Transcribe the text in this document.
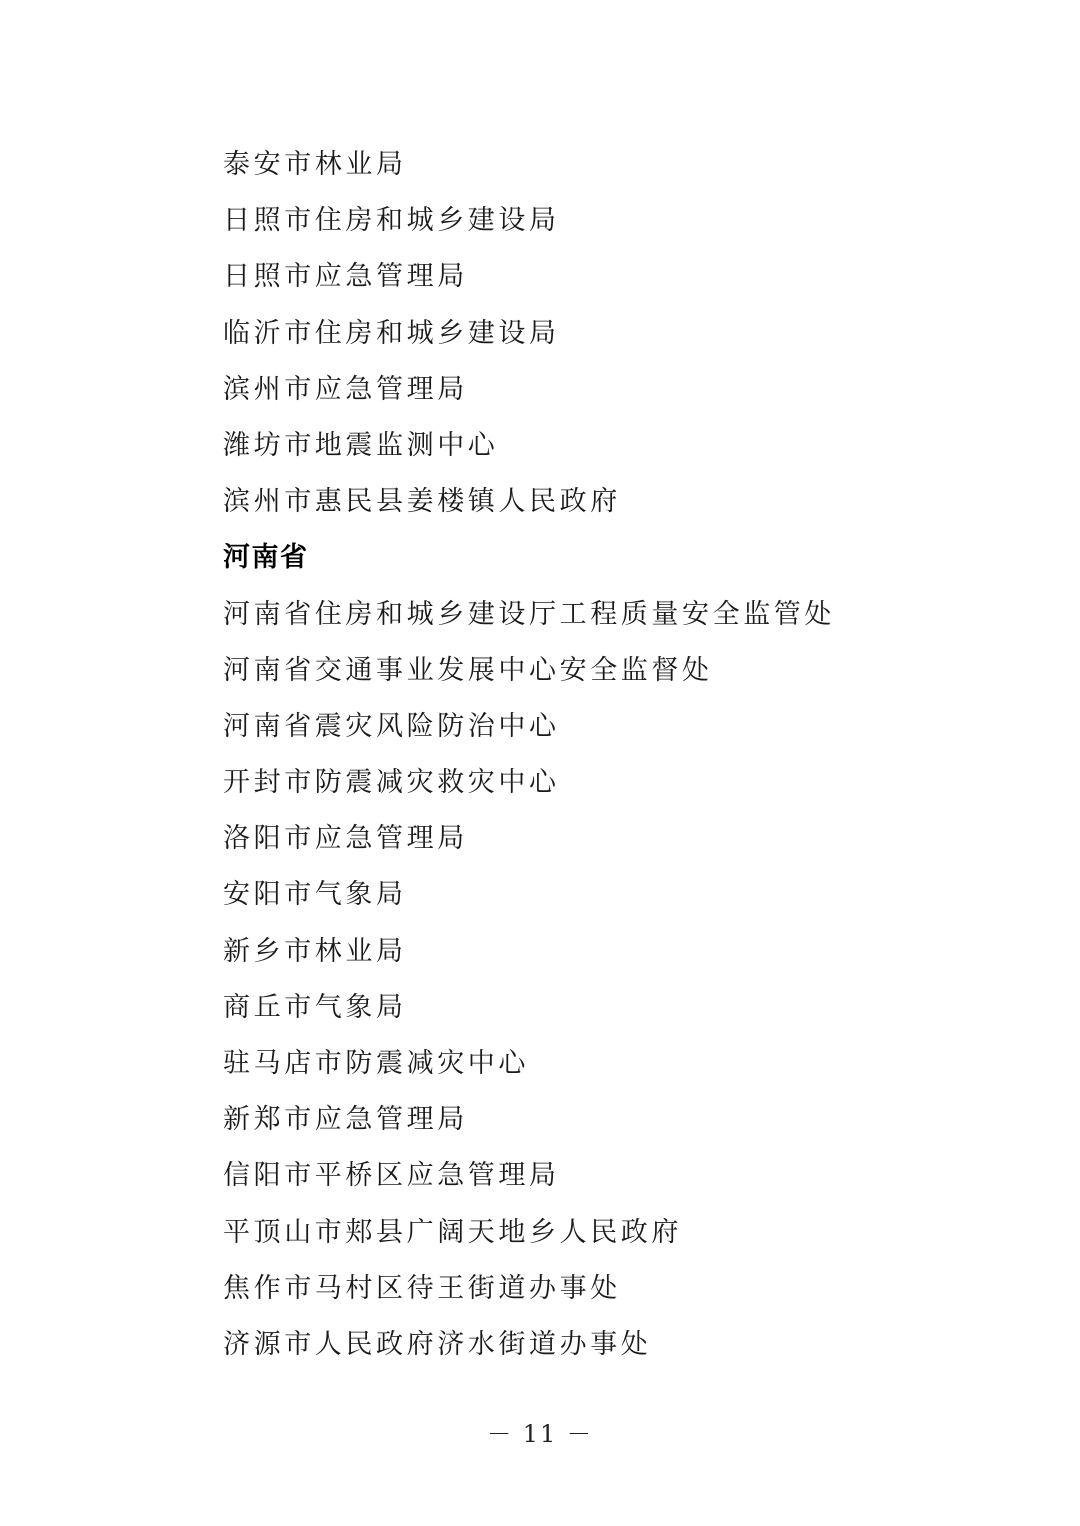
泰安市林业局
日照市住房和城乡建设局
日照市应急管理局
临沂市住房和城乡建设局
滨州市应急管理局
潍坊市地震监测中心
滨州市惠民县姜楼镇人民政府
河南省
河南省住房和城乡建设厅工程质量安全监管处
河南省交通事业发展中心安全监督处
河南省震灾风险防治中心
开封市防震减灾救灾中心
洛阳市应急管理局
安阳市气象局
新乡市林业局
商丘市气象局
驻马店市防震减灾中心
新郑市应急管理局
信阳市平桥区应急管理局
平顶山市郏县广阔天地乡人民政府
焦作市马村区待王街道办事处
济源市人民政府济水街道办事处
－ 11 －
